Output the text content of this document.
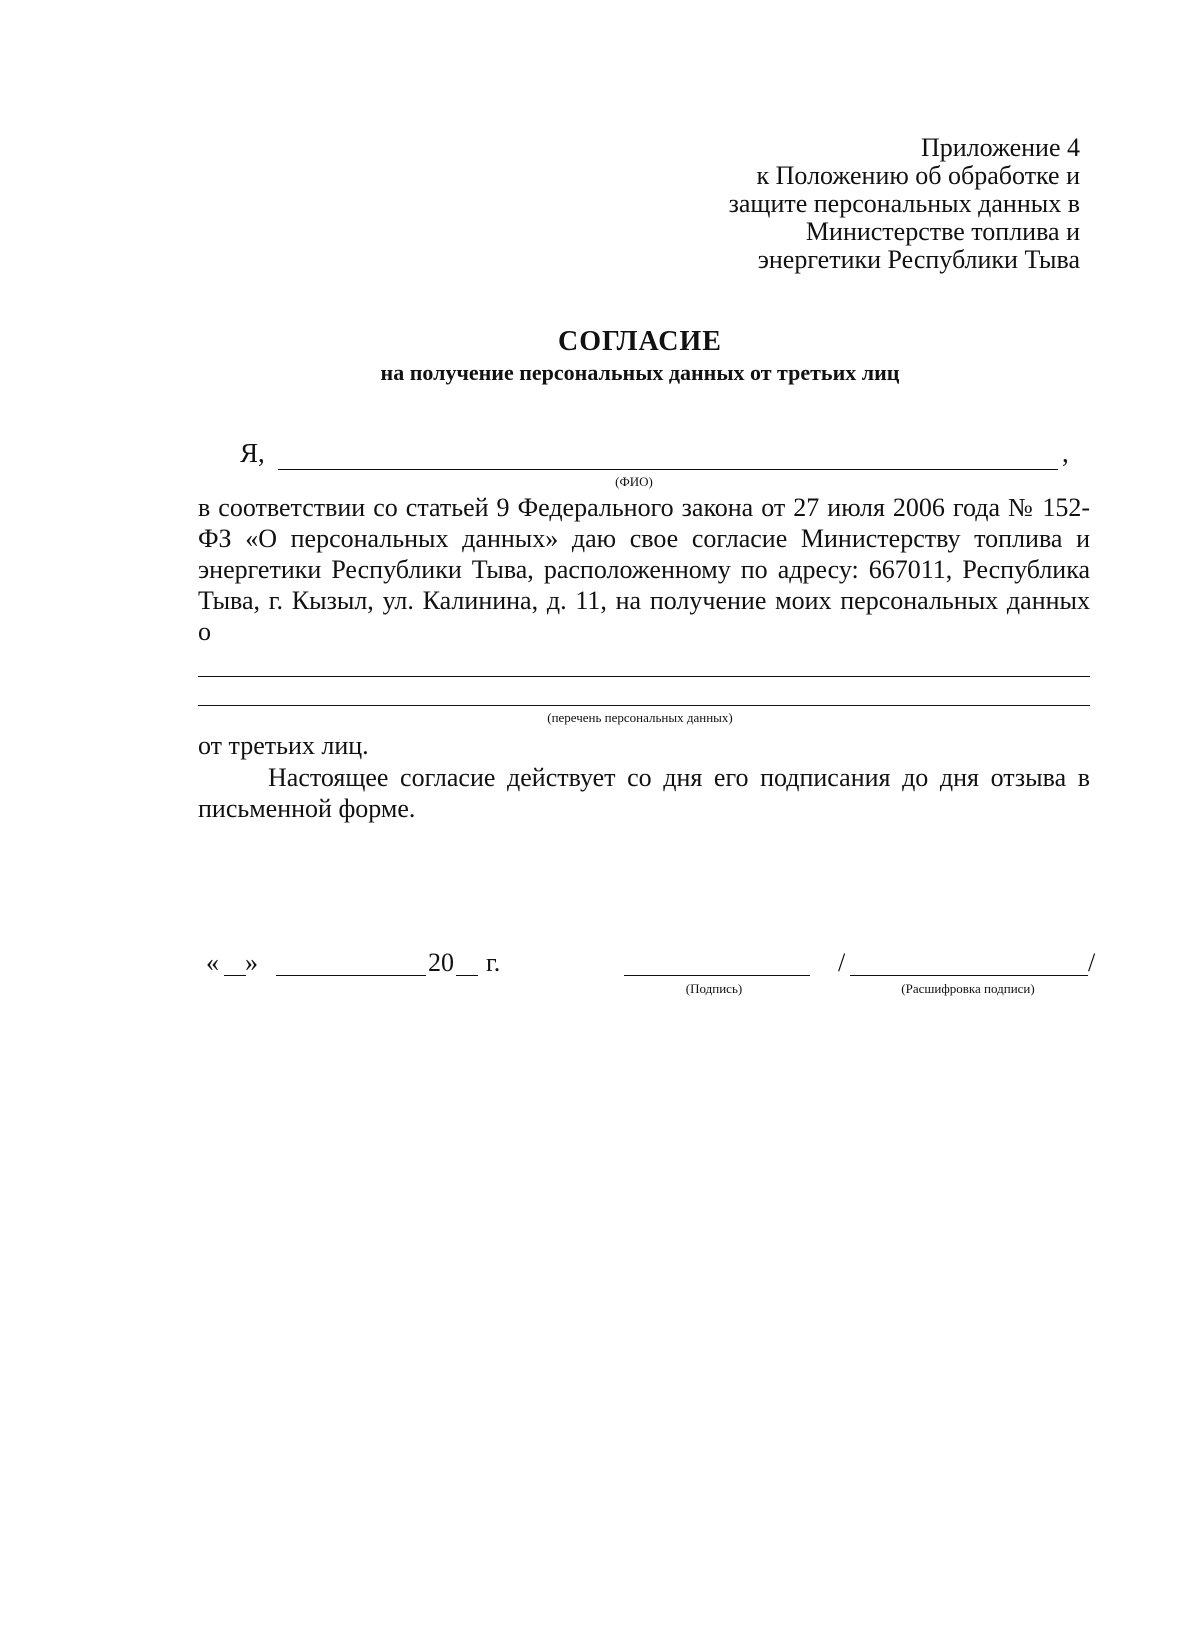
Приложение 4
к Положению об обработке и
защите персональных данных в
Министерстве топлива и
энергетики Республики Тыва
СОГЛАСИЕ
на получение персональных данных от третьих лиц
Я,	,
(ФИО)
в соответствии со статьей 9 Федерального закона от 27 июля 2006 года № 152-
ФЗ «О персональных данных» даю свое согласие Министерству топлива и
энергетики Республики Тыва, расположенному по адресу: 667011, Республика
Тыва, г. Кызыл, ул. Калинина, д. 11, на получение моих персональных данных
о
(перечень персональных данных)
от третьих лиц.
Настоящее согласие действует со дня его подписания до дня отзыва в
письменной форме.
« »	20 г.	/	/
(Подпись)	(Расшифровка подписи)
